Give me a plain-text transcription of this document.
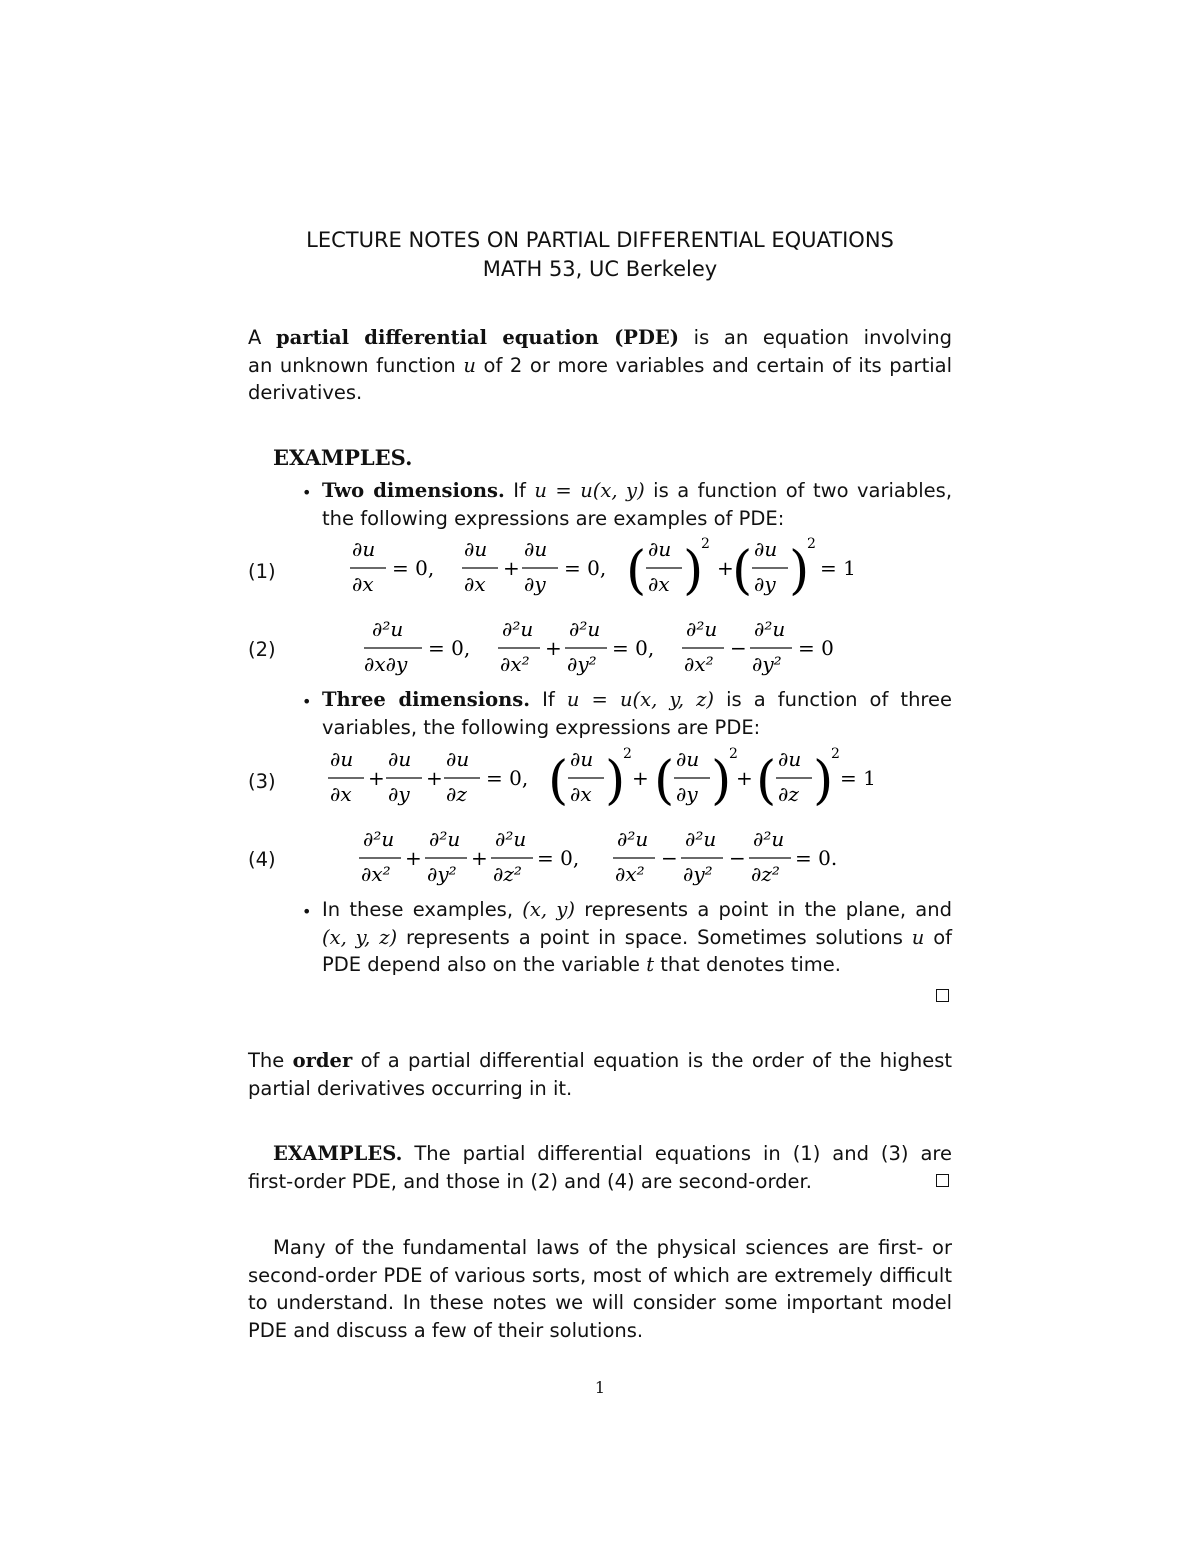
LECTURE NOTES ON PARTIAL DIFFERENTIAL EQUATIONS
MATH 53, UC Berkeley
A partial differential equation (PDE) is an equation involving
an unknown function u of 2 or more variables and certain of its partial
derivatives.
EXAMPLES.
• Two dimensions. If u = u(x, y) is a function of two variables,
the following expressions are examples of PDE:
(1)
∂u
∂x
= 0,
∂u
∂x
+
∂u
∂y
= 0, ( ∂u
∂x )
2
+
( ∂u
∂y )
2
= 1
(2)
∂²u
∂x∂y
= 0,
∂²u
∂x²
+
∂²u
∂y²
= 0,
∂²u
∂x²
−
∂²u
∂y²
= 0
• Three dimensions. If u = u(x, y, z) is a function of three
variables, the following expressions are PDE:
(3)
∂u
∂x
+
∂u
∂y
+
∂u
∂z
= 0, ( ∂u
∂x )
2
+ ( ∂u
∂y )
2
+ ( ∂u
∂z )
2
= 1
(4)
∂²u
∂x²
+
∂²u
∂y²
+
∂²u
∂z²
= 0,
∂²u
∂x²
−
∂²u
∂y²
−
∂²u
∂z²
= 0.
• In these examples, (x, y) represents a point in the plane, and
(x, y, z) represents a point in space. Sometimes solutions u of
PDE depend also on the variable t that denotes time.
The order of a partial differential equation is the order of the highest
partial derivatives occurring in it.
EXAMPLES. The partial differential equations in (1) and (3) are
first-order PDE, and those in (2) and (4) are second-order.
Many of the fundamental laws of the physical sciences are first- or
second-order PDE of various sorts, most of which are extremely difficult
to understand. In these notes we will consider some important model
PDE and discuss a few of their solutions.
1
